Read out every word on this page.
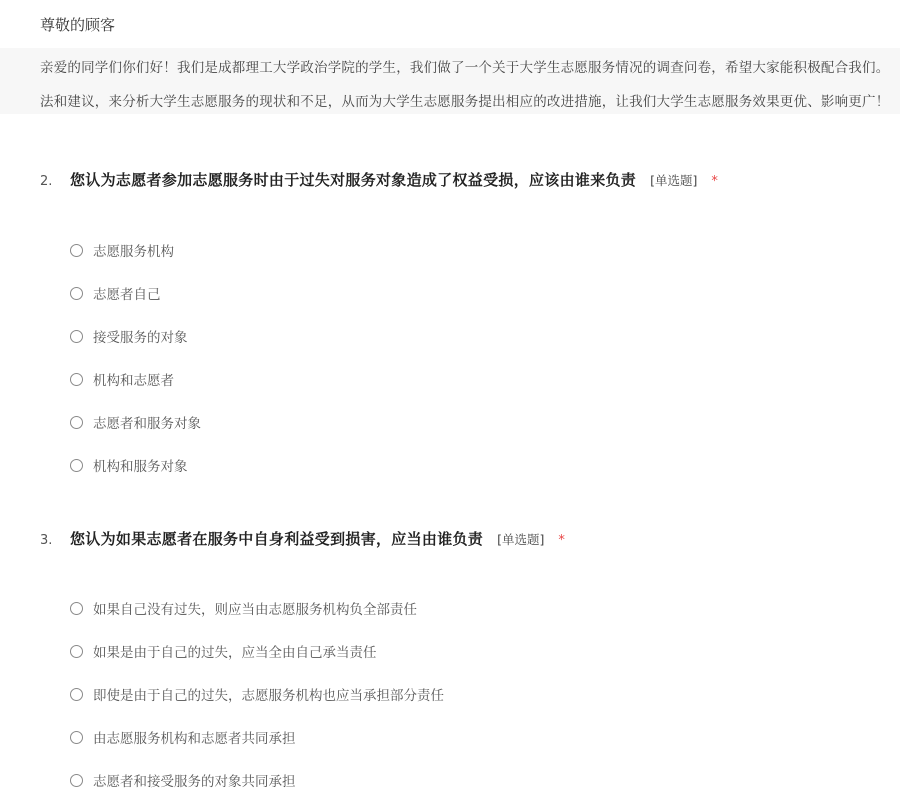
尊敬的顾客
亲爱的同学们你们好！我们是成都理工大学政治学院的学生，我们做了一个关于大学生志愿服务情况的调查问卷，希望大家能积极配合我们。
法和建议，来分析大学生志愿服务的现状和不足，从而为大学生志愿服务提出相应的改进措施，让我们大学生志愿服务效果更优、影响更广！
2.	您认为志愿者参加志愿服务时由于过失对服务对象造成了权益受损，应该由谁来负责 [单选题] *
志愿服务机构
志愿者自己
接受服务的对象
机构和志愿者
志愿者和服务对象
机构和服务对象
3.	您认为如果志愿者在服务中自身利益受到损害，应当由谁负责 [单选题] *
如果自己没有过失，则应当由志愿服务机构负全部责任
如果是由于自己的过失，应当全由自己承当责任
即使是由于自己的过失，志愿服务机构也应当承担部分责任
由志愿服务机构和志愿者共同承担
志愿者和接受服务的对象共同承担
